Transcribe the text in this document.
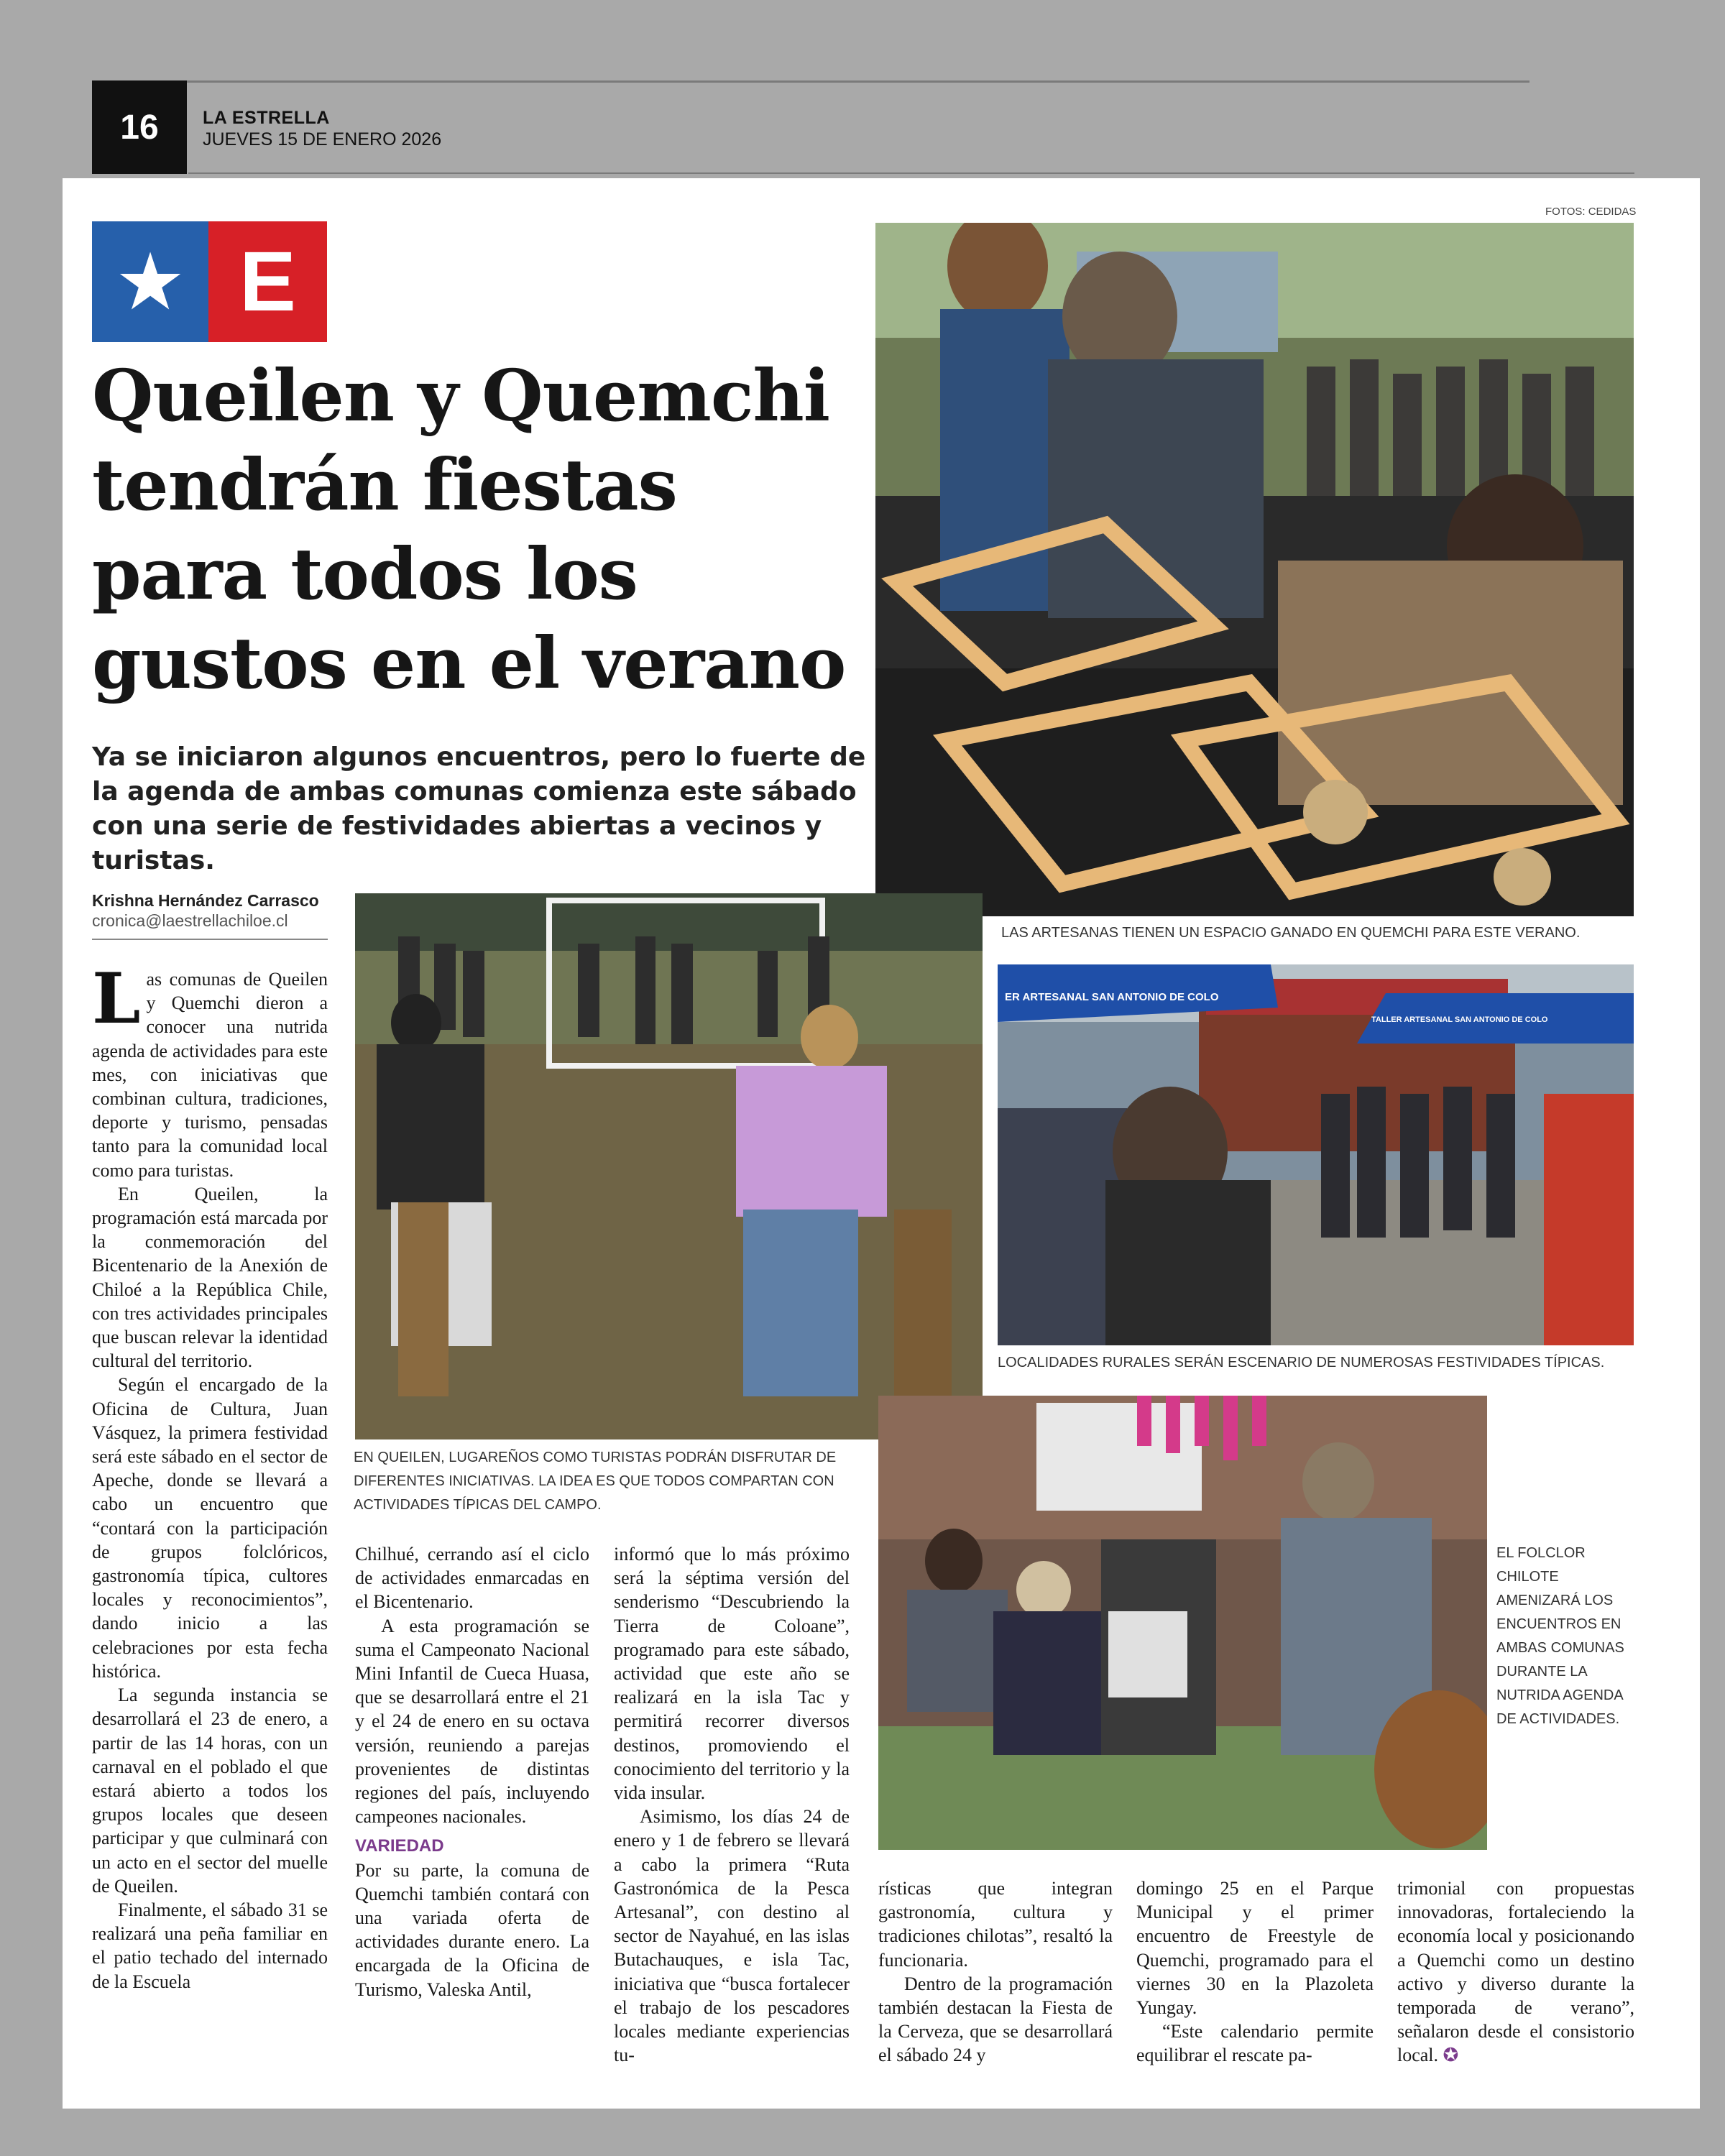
16	LA ESTRELLA
JUEVES 15 DE ENERO 2026
★ E
Queilen y Quemchi tendrán fiestas para todos los gustos en el verano
Ya se iniciaron algunos encuentros, pero lo fuerte de la agenda de ambas comunas comienza este sábado con una serie de festividades abiertas a vecinos y turistas.
Krishna Hernández Carrasco
cronica@laestrellachiloe.cl
FOTOS: CEDIDAS
LAS ARTESANAS TIENEN UN ESPACIO GANADO EN QUEMCHI PARA ESTE VERANO.
EN QUEILEN, LUGAREÑOS COMO TURISTAS PODRÁN DISFRUTAR DE DIFERENTES INICIATIVAS. LA IDEA ES QUE TODOS COMPARTAN CON ACTIVIDADES TÍPICAS DEL CAMPO.
ER ARTESANAL SAN ANTONIO DE COLO
TALLER ARTESANAL SAN ANTONIO DE COLO
LOCALIDADES RURALES SERÁN ESCENARIO DE NUMEROSAS FESTIVIDADES TÍPICAS.
EL FOLCLOR CHILOTE AMENIZARÁ LOS ENCUENTROS EN AMBAS COMUNAS DURANTE LA NUTRIDA AGENDA DE ACTIVIDADES.

Las comunas de Queilen y Quemchi dieron a conocer una nutrida agenda de actividades para este mes, con iniciativas que combinan cultura, tradiciones, deporte y turismo, pensadas tanto para la comunidad local como para turistas.

En Queilen, la programación está marcada por la conmemoración del Bicentenario de la Anexión de Chiloé a la República Chile, con tres actividades principales que buscan relevar la identidad cultural del territorio.

Según el encargado de la Oficina de Cultura, Juan Vásquez, la primera festividad será este sábado en el sector de Apeche, donde se llevará a cabo un encuentro que “contará con la participación de grupos folclóricos, gastronomía típica, cultores locales y reconocimientos”, dando inicio a las celebraciones por esta fecha histórica.

La segunda instancia se desarrollará el 23 de enero, a partir de las 14 horas, con un carnaval en el poblado el que estará abierto a todos los grupos locales que deseen participar y que culminará con un acto en el sector del muelle de Queilen.

Finalmente, el sábado 31 se realizará una peña familiar en el patio techado del internado de la Escuela

Chilhué, cerrando así el ciclo de actividades enmarcadas en el Bicentenario.

A esta programación se suma el Campeonato Nacional Mini Infantil de Cueca Huasa, que se desarrollará entre el 21 y el 24 de enero en su octava versión, reuniendo a parejas provenientes de distintas regiones del país, incluyendo campeones nacionales.

VARIEDAD

Por su parte, la comuna de Quemchi también contará con una variada oferta de actividades durante enero. La encargada de la Oficina de Turismo, Valeska Antil,

informó que lo más próximo será la séptima versión del senderismo “Descubriendo la Tierra de Coloane”, programado para este sábado, actividad que este año se realizará en la isla Tac y permitirá recorrer diversos destinos, promoviendo el conocimiento del territorio y la vida insular.

Asimismo, los días 24 de enero y 1 de febrero se llevará a cabo la primera “Ruta Gastronómica de la Pesca Artesanal”, con destino al sector de Nayahué, en las islas Butachauques, e isla Tac, iniciativa que “busca fortalecer el trabajo de los pescadores locales mediante experiencias tu-

rísticas que integran gastronomía, cultura y tradiciones chilotas”, resaltó la funcionaria.

Dentro de la programación también destacan la Fiesta de la Cerveza, que se desarrollará el sábado 24 y

domingo 25 en el Parque Municipal y el primer encuentro de Freestyle de Quemchi, programado para el viernes 30 en la Plazoleta Yungay.

“Este calendario permite equilibrar el rescate pa-

trimonial con propuestas innovadoras, fortaleciendo la economía local y posicionando a Quemchi como un destino activo y diverso durante la temporada de verano”, señalaron desde el consistorio local. ✪
